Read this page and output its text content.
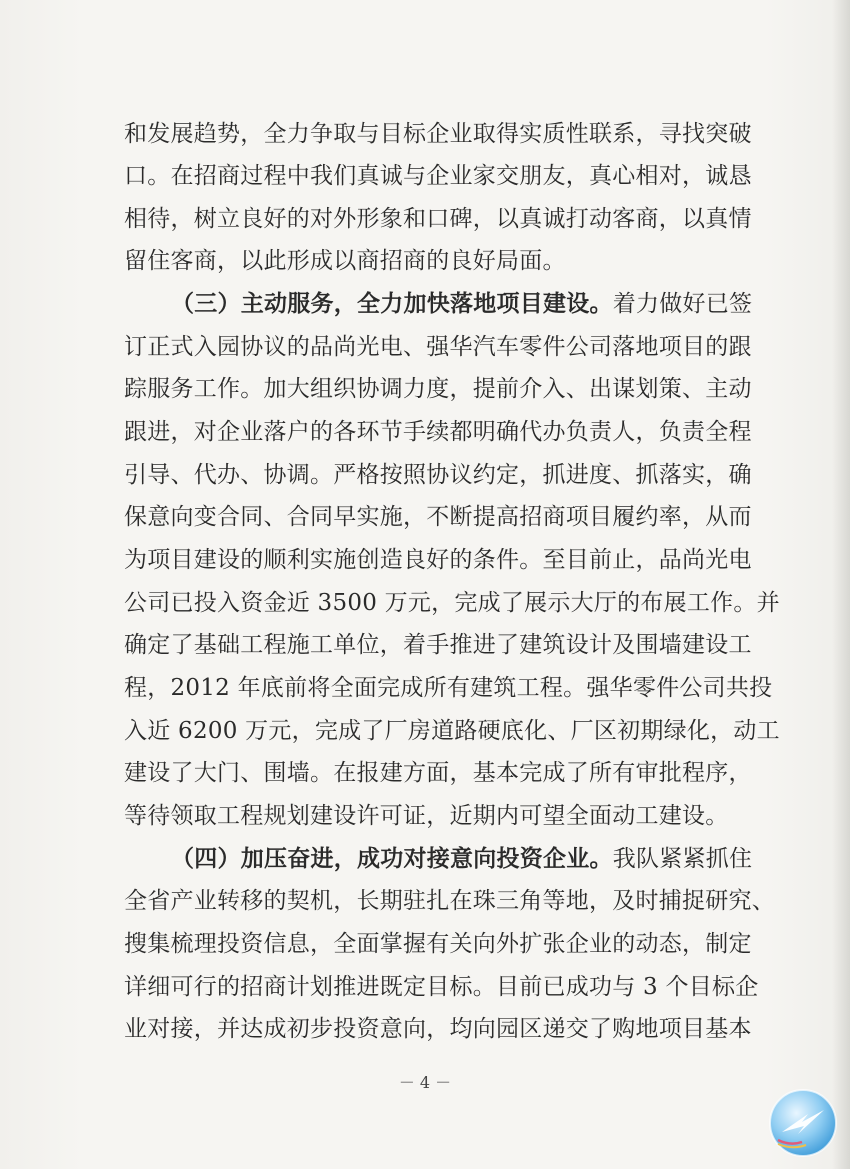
和发展趋势，全力争取与目标企业取得实质性联系，寻找突破
口。在招商过程中我们真诚与企业家交朋友，真心相对，诚恳
相待，树立良好的对外形象和口碑，以真诚打动客商，以真情
留住客商，以此形成以商招商的良好局面。
（三）主动服务，全力加快落地项目建设。着力做好已签
订正式入园协议的品尚光电、强华汽车零件公司落地项目的跟
踪服务工作。加大组织协调力度，提前介入、出谋划策、主动
跟进，对企业落户的各环节手续都明确代办负责人，负责全程
引导、代办、协调。严格按照协议约定，抓进度、抓落实，确
保意向变合同、合同早实施，不断提高招商项目履约率，从而
为项目建设的顺利实施创造良好的条件。至目前止，品尚光电
公司已投入资金近 3500 万元，完成了展示大厅的布展工作。并
确定了基础工程施工单位，着手推进了建筑设计及围墙建设工
程，2012 年底前将全面完成所有建筑工程。强华零件公司共投
入近 6200 万元，完成了厂房道路硬底化、厂区初期绿化，动工
建设了大门、围墙。在报建方面，基本完成了所有审批程序，
等待领取工程规划建设许可证，近期内可望全面动工建设。
（四）加压奋进，成功对接意向投资企业。我队紧紧抓住
全省产业转移的契机，长期驻扎在珠三角等地，及时捕捉研究、
搜集梳理投资信息，全面掌握有关向外扩张企业的动态，制定
详细可行的招商计划推进既定目标。目前已成功与 3 个目标企
业对接，并达成初步投资意向，均向园区递交了购地项目基本
－ 4 －
